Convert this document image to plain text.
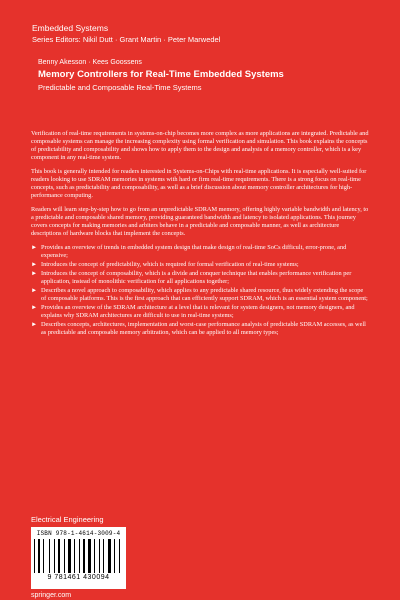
Embedded Systems
Series Editors: Nikil Dutt · Grant Martin · Peter Marwedel
Benny Akesson · Kees Goossens
Memory Controllers for Real-Time Embedded Systems
Predictable and Composable Real-Time Systems

Verification of real-time requirements in systems-on-chip becomes more complex as more applications are integrated. Predictable and composable systems can manage the increasing complexity using formal verification and simulation. This book explains the concepts of predictability and composability and shows how to apply them to the design and analysis of a memory controller, which is a key component in any real-time system.

This book is generally intended for readers interested in Systems-on-Chips with real-time applications. It is especially well-suited for readers looking to use SDRAM memories in systems with hard or firm real-time requirements. There is a strong focus on real-time concepts, such as predictability and composability, as well as a brief discussion about memory controller architectures for high-performance computing.

Readers will learn step-by-step how to go from an unpredictable SDRAM memory, offering highly variable bandwidth and latency, to a predictable and composable shared memory, providing guaranteed bandwidth and latency to isolated applications. This journey covers concepts for making memories and arbiters behave in a predictable and composable manner, as well as architecture descriptions of hardware blocks that implement the concepts.

► Provides an overview of trends in embedded system design that make design of real-time SoCs difficult, error-prone, and expensive;
► Introduces the concept of predictability, which is required for formal verification of real-time systems;
► Introduces the concept of composability, which is a divide and conquer technique that enables performance verification per application, instead of monolithic verification for all applications together;
► Describes a novel approach to composability, which applies to any predictable shared resource, thus widely extending the scope of composable platforms. This is the first approach that can efficiently support SDRAM, which is an essential system component;
► Provides an overview of the SDRAM architecture at a level that is relevant for system designers, not memory designers, and explains why SDRAM architectures are difficult to use in real-time systems;
► Describes concepts, architectures, implementation and worst-case performance analysis of predictable SDRAM accesses, as well as predictable and composable memory arbitration, which can be applied to all memory types;
Electrical Engineering
ISBN 978-1-4614-3009-4
9 781461 430094
springer.com
